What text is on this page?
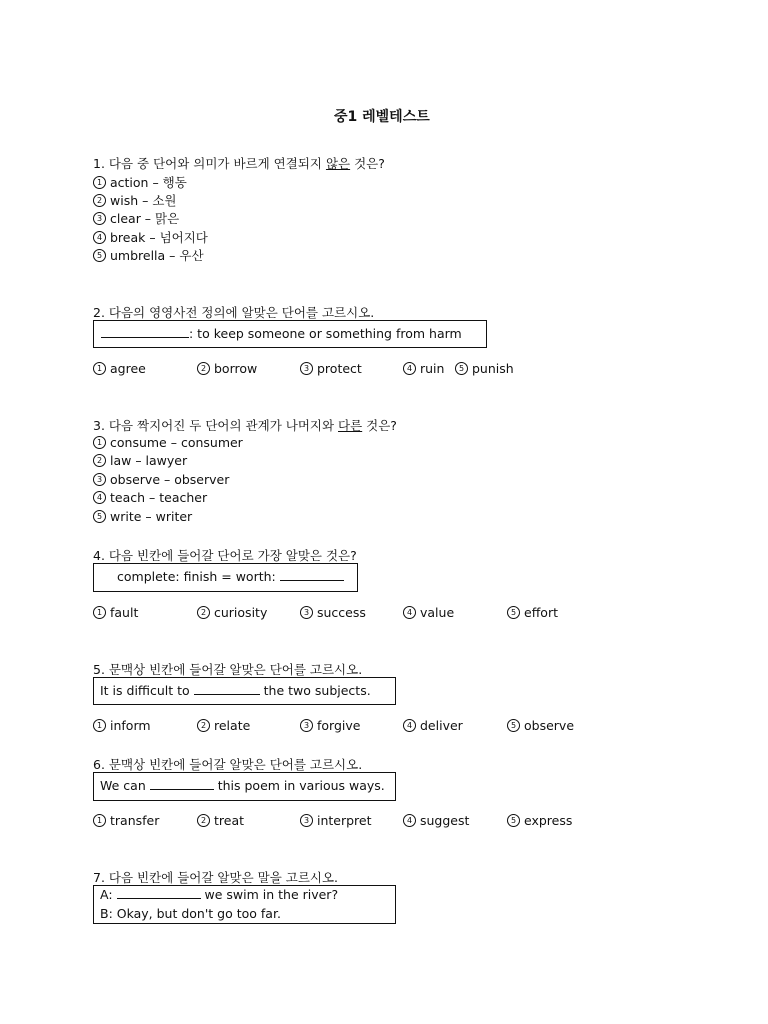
중1 레벨테스트
1. 다음 중 단어와 의미가 바르게 연결되지 않은 것은?
1 action – 행동
2 wish – 소원
3 clear – 맑은
4 break – 넘어지다
5 umbrella – 우산
2. 다음의 영영사전 정의에 알맞은 단어를 고르시오.
: to keep someone or something from harm
1 agree	2 borrow	3 protect	4 ruin	5 punish
3. 다음 짝지어진 두 단어의 관계가 나머지와 다른 것은?
1 consume – consumer
2 law – lawyer
3 observe – observer
4 teach – teacher
5 write – writer
4. 다음 빈칸에 들어갈 단어로 가장 알맞은 것은?
complete: finish = worth:
1 fault	2 curiosity	3 success	4 value	5 effort
5. 문맥상 빈칸에 들어갈 알맞은 단어를 고르시오.
It is difficult to	the two subjects.
1 inform	2 relate	3 forgive	4 deliver	5 observe
6. 문맥상 빈칸에 들어갈 알맞은 단어를 고르시오.
We can	this poem in various ways.
1 transfer	2 treat	3 interpret	4 suggest	5 express
7. 다음 빈칸에 들어갈 알맞은 말을 고르시오.
A:	we swim in the river?
B: Okay, but don't go too far.
